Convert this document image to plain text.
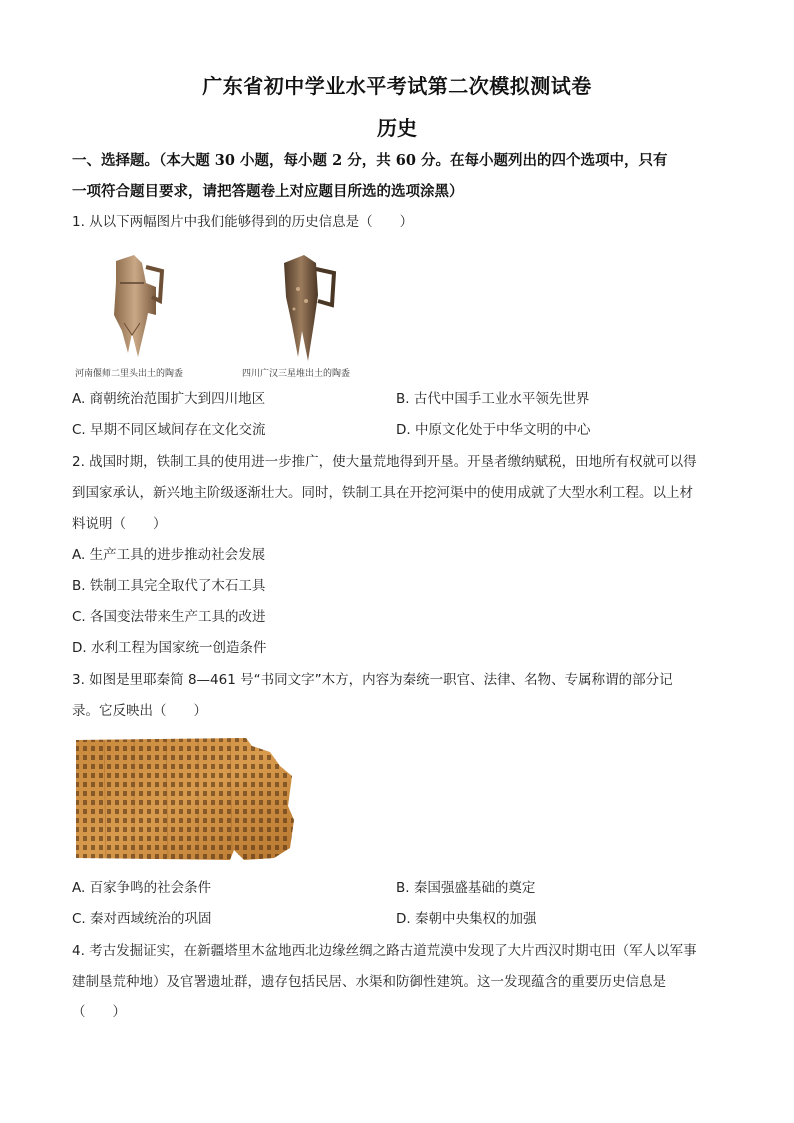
广东省初中学业水平考试第二次模拟测试卷
历史
一、选择题。（本大题 30 小题，每小题 2 分，共 60 分。在每小题列出的四个选项中，只有
一项符合题目要求，请把答题卷上对应题目所选的选项涂黑）
1. 从以下两幅图片中我们能够得到的历史信息是（　　）
河南偃师二里头出土的陶盉	四川广汉三星堆出土的陶盉
A. 商朝统治范围扩大到四川地区	B. 古代中国手工业水平领先世界
C. 早期不同区域间存在文化交流	D. 中原文化处于中华文明的中心
2. 战国时期，铁制工具的使用进一步推广，使大量荒地得到开垦。开垦者缴纳赋税，田地所有权就可以得
到国家承认，新兴地主阶级逐渐壮大。同时，铁制工具在开挖河渠中的使用成就了大型水利工程。以上材
料说明（　　）
A. 生产工具的进步推动社会发展
B. 铁制工具完全取代了木石工具
C. 各国变法带来生产工具的改进
D. 水利工程为国家统一创造条件
3. 如图是里耶秦简 8—461 号“书同文字”木方，内容为秦统一职官、法律、名物、专属称谓的部分记
录。它反映出（　　）
A. 百家争鸣的社会条件	B. 秦国强盛基础的奠定
C. 秦对西域统治的巩固	D. 秦朝中央集权的加强
4. 考古发掘证实，在新疆塔里木盆地西北边缘丝绸之路古道荒漠中发现了大片西汉时期屯田（军人以军事
建制垦荒种地）及官署遗址群，遗存包括民居、水渠和防御性建筑。这一发现蕴含的重要历史信息是
（　　）
